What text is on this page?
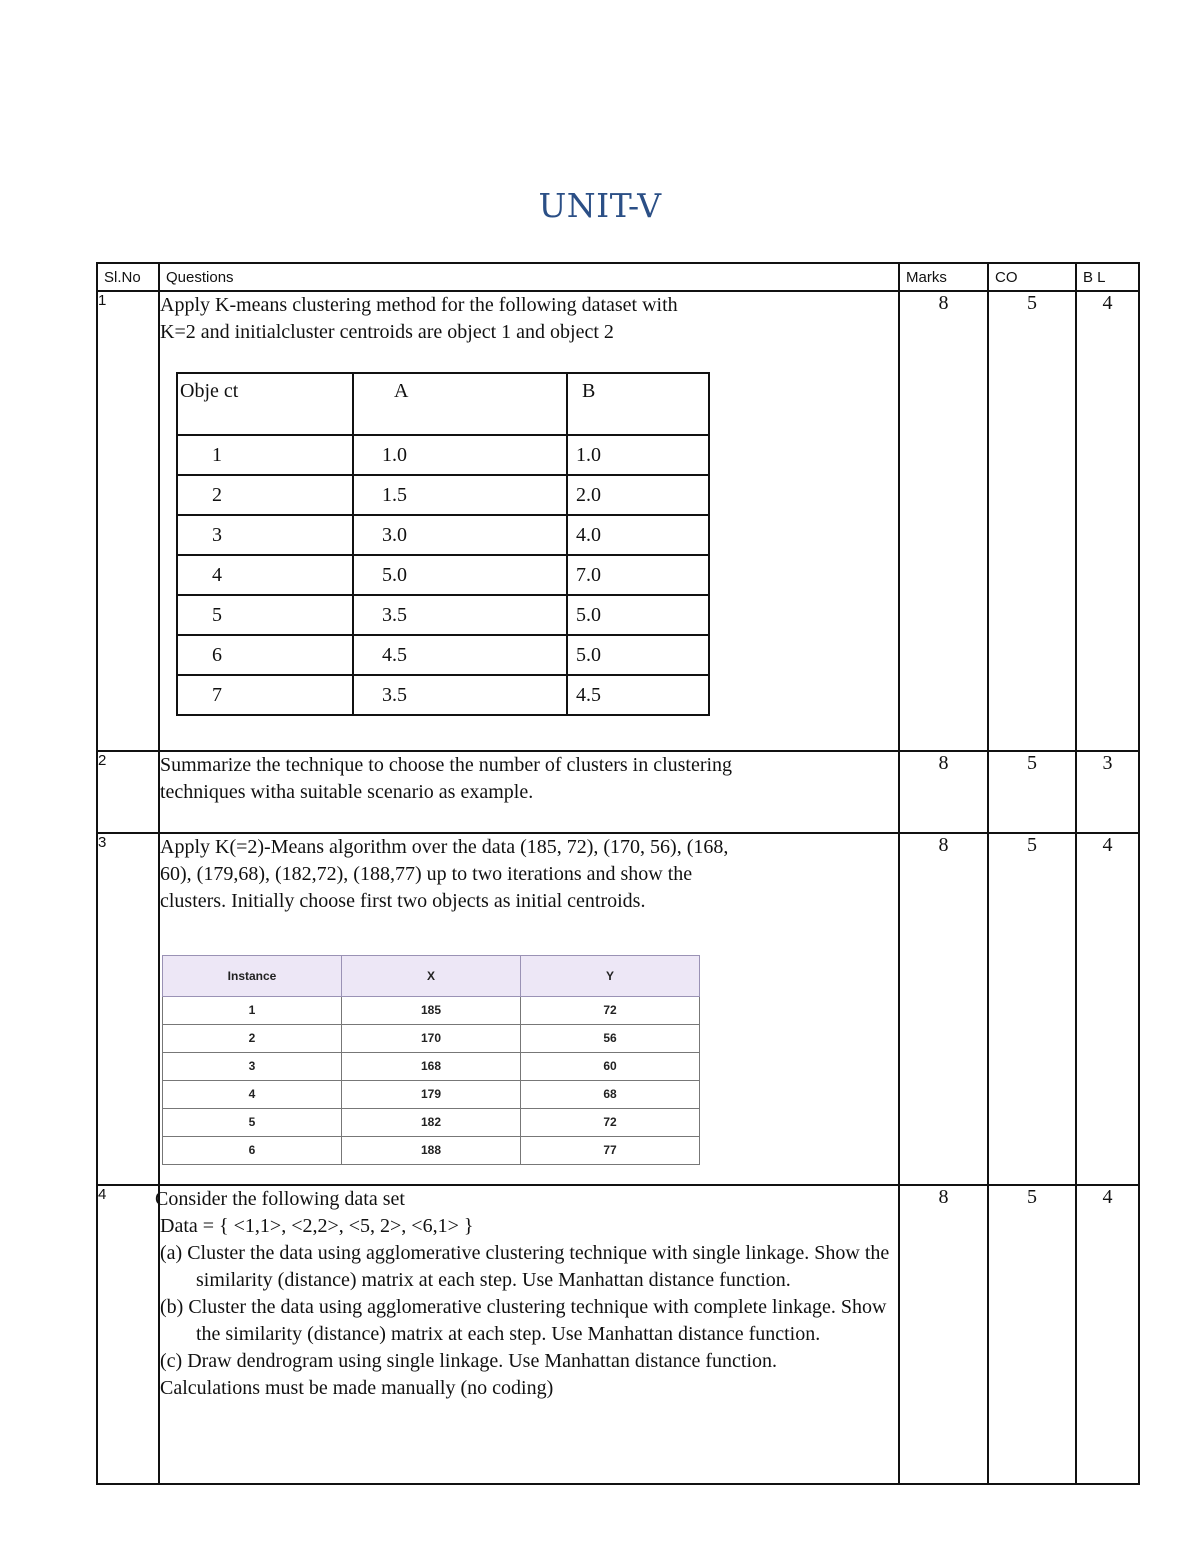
UNIT-V
Sl.No	Questions	Marks	CO	B L
1	Apply K-means clustering method for the following dataset with

K=2 and initialcluster centroids are object 1 and object 2

Obje ct	A	B
1	1.0	1.0
2	1.5	2.0
3	3.0	4.0
4	5.0	7.0
5	3.5	5.0
6	4.5	5.0
7	3.5	4.5
	8	5	4
2	Summarize the technique to choose the number of clusters in clustering

techniques witha suitable scenario as example.

	8	5	3
3	Apply K(=2)-Means algorithm over the data (185, 72), (170, 56), (168,

60), (179,68), (182,72), (188,77) up to two iterations and show the

clusters. Initially choose first two objects as initial centroids.

Instance	X	Y
1	185	72
2	170	56
3	168	60
4	179	68
5	182	72
6	188	77
	8	5	4
4	Consider the following data set

Data = { <1,1>, <2,2>, <5, 2>, <6,1> }

(a) Cluster the data using agglomerative clustering technique with single linkage. Show the similarity (distance) matrix at each step. Use Manhattan distance function.

(b) Cluster the data using agglomerative clustering technique with complete linkage. Show the similarity (distance) matrix at each step. Use Manhattan distance function.

(c) Draw dendrogram using single linkage. Use Manhattan distance function.

Calculations must be made manually (no coding)

	8	5	4
